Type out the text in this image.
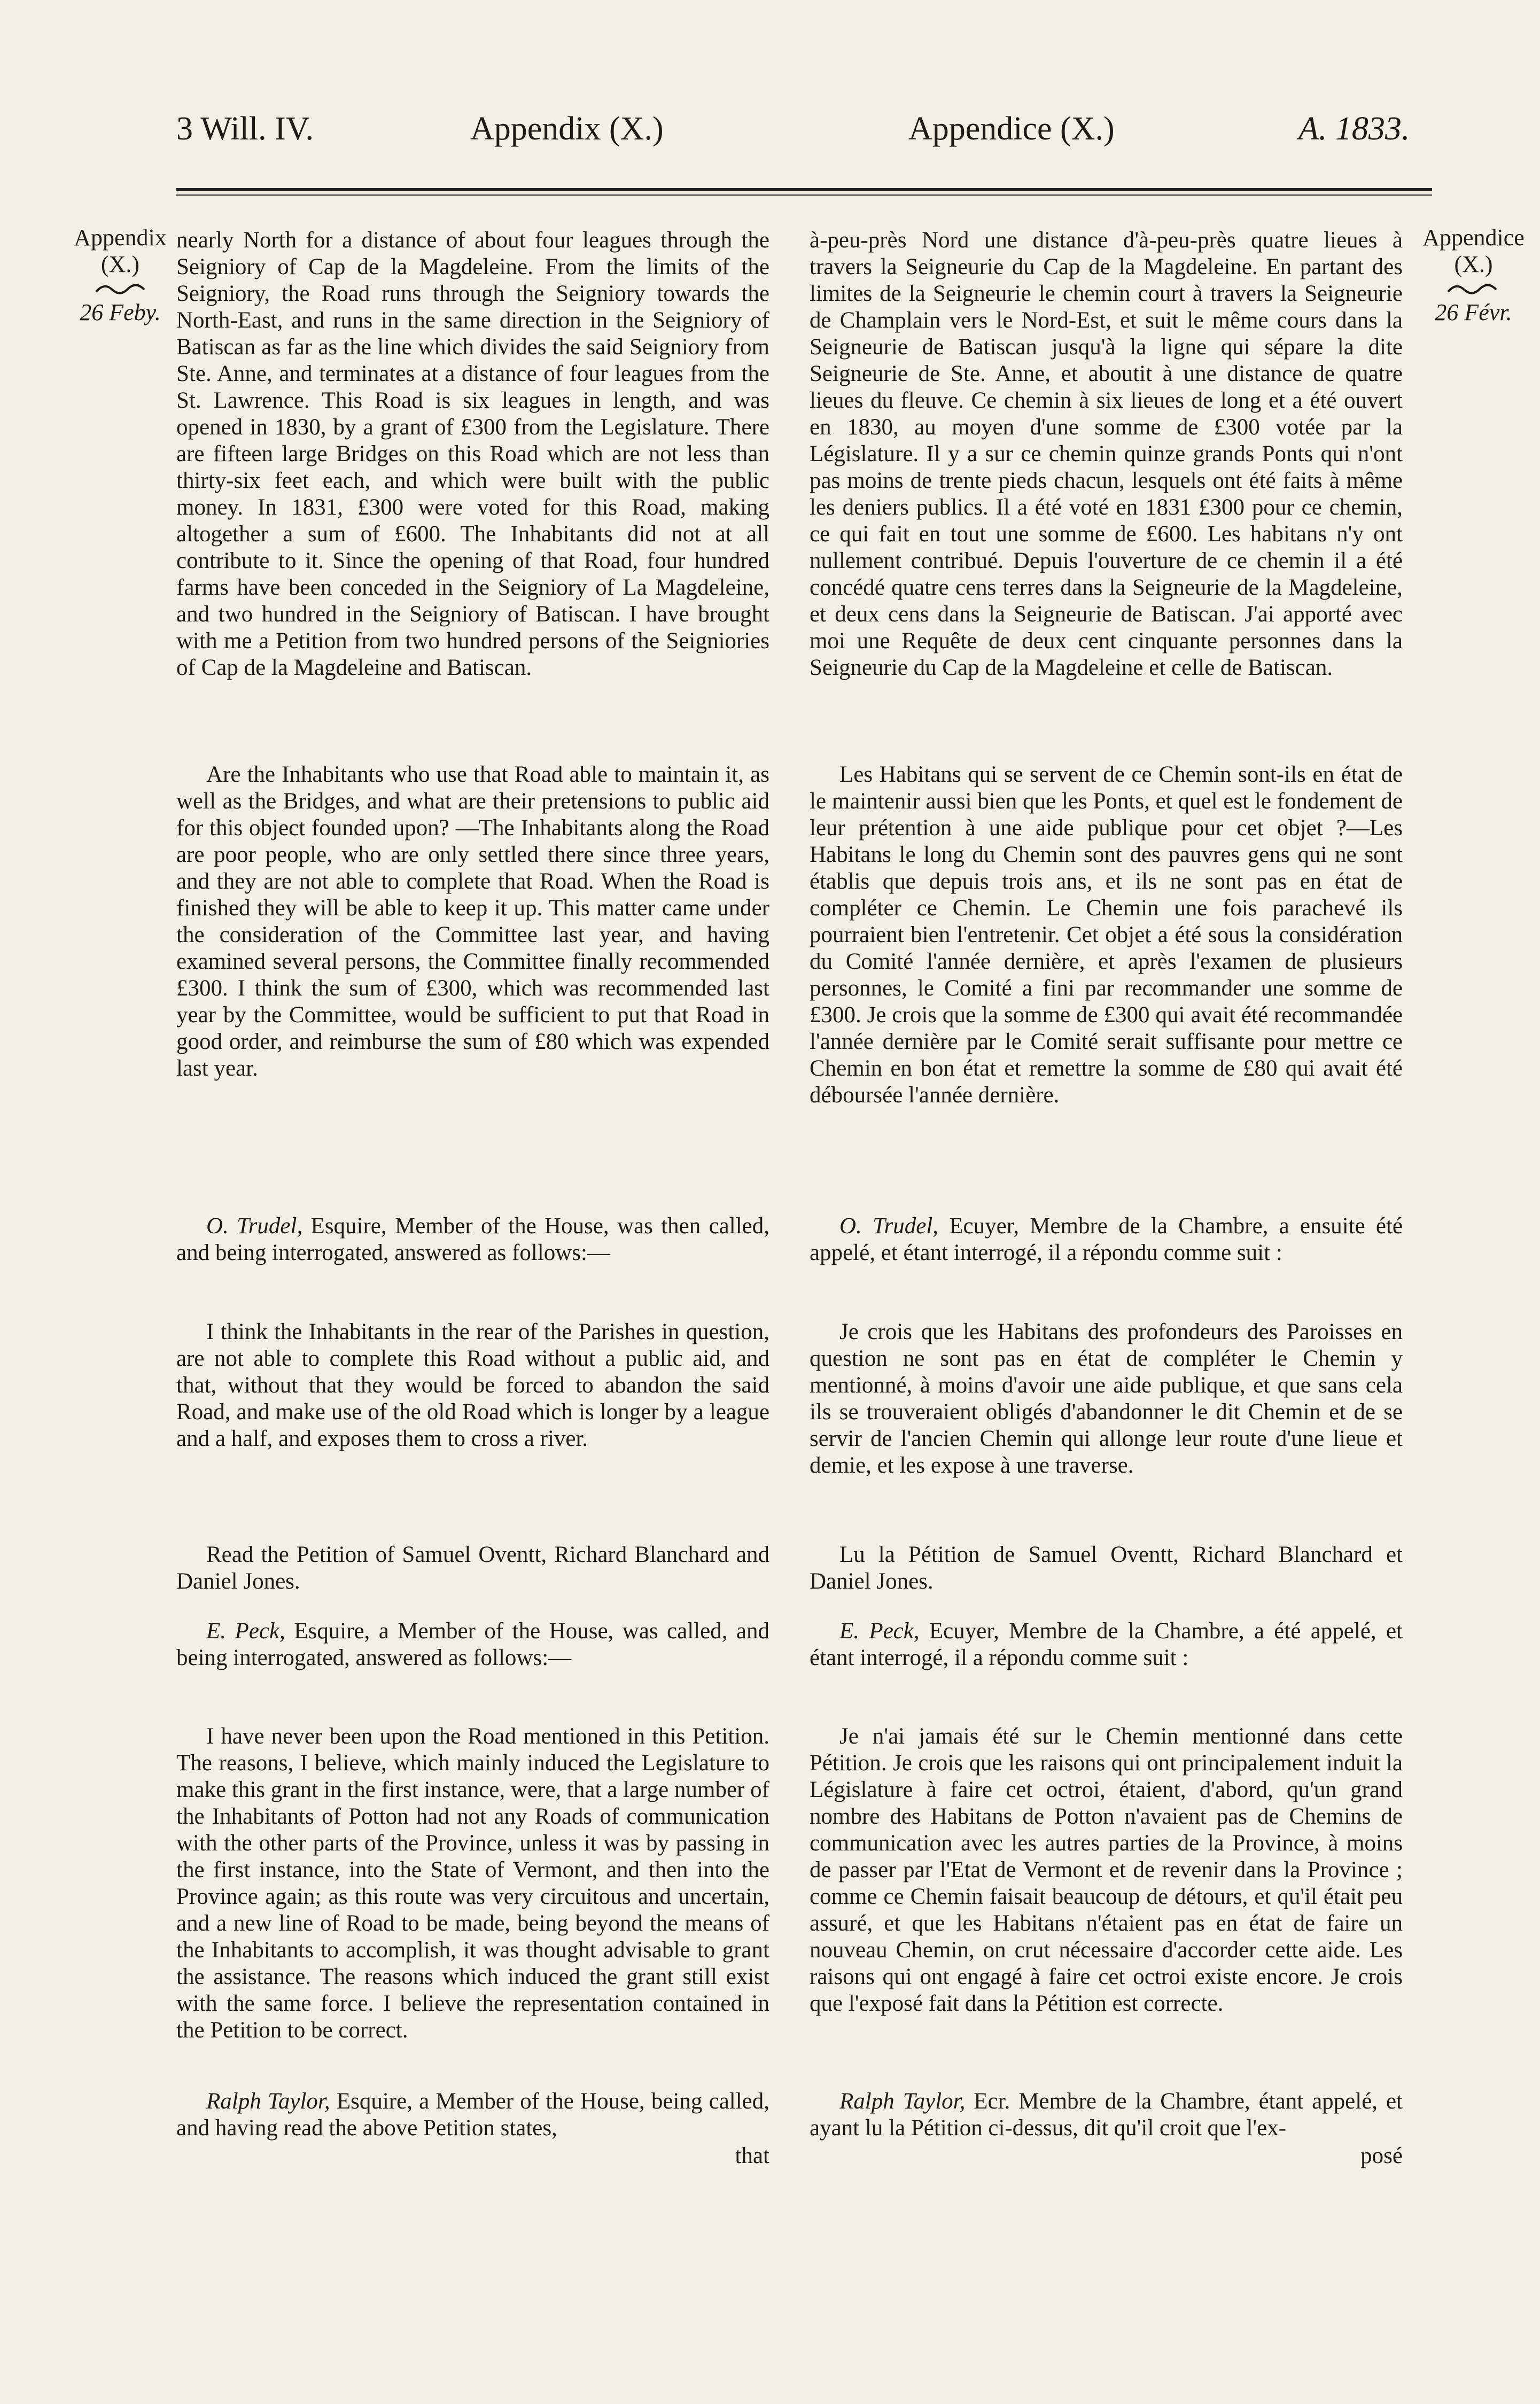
3 Will. IV.	Appendix (X.)	Appendice (X.)	A. 1833.
Appendix
(X.)
26 Feby.
Appendice
(X.)
26 Févr.

nearly North for a distance of about four leagues through the Seigniory of Cap de la Magdeleine. From the limits of the Seigniory, the Road runs through the Seigniory towards the North-East, and runs in the same direction in the Seigniory of Batiscan as far as the line which divides the said Seigniory from Ste. Anne, and terminates at a distance of four leagues from the St. Lawrence. This Road is six leagues in length, and was opened in 1830, by a grant of £300 from the Legislature. There are fifteen large Bridges on this Road which are not less than thirty-six feet each, and which were built with the public money. In 1831, £300 were voted for this Road, making altogether a sum of £600. The Inhabitants did not at all contribute to it. Since the opening of that Road, four hundred farms have been conceded in the Seigniory of La Magdeleine, and two hundred in the Seigniory of Batiscan. I have brought with me a Petition from two hundred persons of the Seigniories of Cap de la Magdeleine and Batiscan.

Are the Inhabitants who use that Road able to maintain it, as well as the Bridges, and what are their pretensions to public aid for this object founded upon? —The Inhabitants along the Road are poor people, who are only settled there since three years, and they are not able to complete that Road. When the Road is finished they will be able to keep it up. This matter came under the consideration of the Committee last year, and having examined several persons, the Committee finally recommended £300. I think the sum of £300, which was recommended last year by the Committee, would be sufficient to put that Road in good order, and reimburse the sum of £80 which was expended last year.

O. Trudel, Esquire, Member of the House, was then called, and being interrogated, answered as follows:—

I think the Inhabitants in the rear of the Parishes in question, are not able to complete this Road without a public aid, and that, without that they would be forced to abandon the said Road, and make use of the old Road which is longer by a league and a half, and exposes them to cross a river.

Read the Petition of Samuel Oventt, Richard Blanchard and Daniel Jones.

E. Peck, Esquire, a Member of the House, was called, and being interrogated, answered as follows:—

I have never been upon the Road mentioned in this Petition. The reasons, I believe, which mainly induced the Legislature to make this grant in the first instance, were, that a large number of the Inhabitants of Potton had not any Roads of communication with the other parts of the Province, unless it was by passing in the first instance, into the State of Vermont, and then into the Province again; as this route was very circuitous and uncertain, and a new line of Road to be made, being beyond the means of the Inhabitants to accomplish, it was thought advisable to grant the assistance. The reasons which induced the grant still exist with the same force. I believe the representation contained in the Petition to be correct.

Ralph Taylor, Esquire, a Member of the House, being called, and having read the above Petition states,

that

à-peu-près Nord une distance d'à-peu-près quatre lieues à travers la Seigneurie du Cap de la Magdeleine. En partant des limites de la Seigneurie le chemin court à travers la Seigneurie de Champlain vers le Nord-Est, et suit le même cours dans la Seigneurie de Batiscan jusqu'à la ligne qui sépare la dite Seigneurie de Ste. Anne, et aboutit à une distance de quatre lieues du fleuve. Ce chemin à six lieues de long et a été ouvert en 1830, au moyen d'une somme de £300 votée par la Législature. Il y a sur ce chemin quinze grands Ponts qui n'ont pas moins de trente pieds chacun, lesquels ont été faits à même les deniers publics. Il a été voté en 1831 £300 pour ce chemin, ce qui fait en tout une somme de £600. Les habitans n'y ont nullement contribué. Depuis l'ouverture de ce chemin il a été concédé quatre cens terres dans la Seigneurie de la Magdeleine, et deux cens dans la Seigneurie de Batiscan. J'ai apporté avec moi une Requête de deux cent cinquante personnes dans la Seigneurie du Cap de la Magdeleine et celle de Batiscan.

Les Habitans qui se servent de ce Chemin sont-ils en état de le maintenir aussi bien que les Ponts, et quel est le fondement de leur prétention à une aide publique pour cet objet ?—Les Habitans le long du Chemin sont des pauvres gens qui ne sont établis que depuis trois ans, et ils ne sont pas en état de compléter ce Chemin. Le Chemin une fois parachevé ils pourraient bien l'entretenir. Cet objet a été sous la considération du Comité l'année dernière, et après l'examen de plusieurs personnes, le Comité a fini par recommander une somme de £300. Je crois que la somme de £300 qui avait été recommandée l'année dernière par le Comité serait suffisante pour mettre ce Chemin en bon état et remettre la somme de £80 qui avait été déboursée l'année dernière.

O. Trudel, Ecuyer, Membre de la Chambre, a ensuite été appelé, et étant interrogé, il a répondu comme suit :

Je crois que les Habitans des profondeurs des Paroisses en question ne sont pas en état de compléter le Chemin y mentionné, à moins d'avoir une aide publique, et que sans cela ils se trouveraient obligés d'abandonner le dit Chemin et de se servir de l'ancien Chemin qui allonge leur route d'une lieue et demie, et les expose à une traverse.

Lu la Pétition de Samuel Oventt, Richard Blanchard et Daniel Jones.

E. Peck, Ecuyer, Membre de la Chambre, a été appelé, et étant interrogé, il a répondu comme suit :

Je n'ai jamais été sur le Chemin mentionné dans cette Pétition. Je crois que les raisons qui ont principalement induit la Législature à faire cet octroi, étaient, d'abord, qu'un grand nombre des Habitans de Potton n'avaient pas de Chemins de communication avec les autres parties de la Province, à moins de passer par l'Etat de Vermont et de revenir dans la Province ; comme ce Chemin faisait beaucoup de détours, et qu'il était peu assuré, et que les Habitans n'étaient pas en état de faire un nouveau Chemin, on crut nécessaire d'accorder cette aide. Les raisons qui ont engagé à faire cet octroi existe encore. Je crois que l'exposé fait dans la Pétition est correcte.

Ralph Taylor, Ecr. Membre de la Chambre, étant appelé, et ayant lu la Pétition ci-dessus, dit qu'il croit que l'ex-

posé
